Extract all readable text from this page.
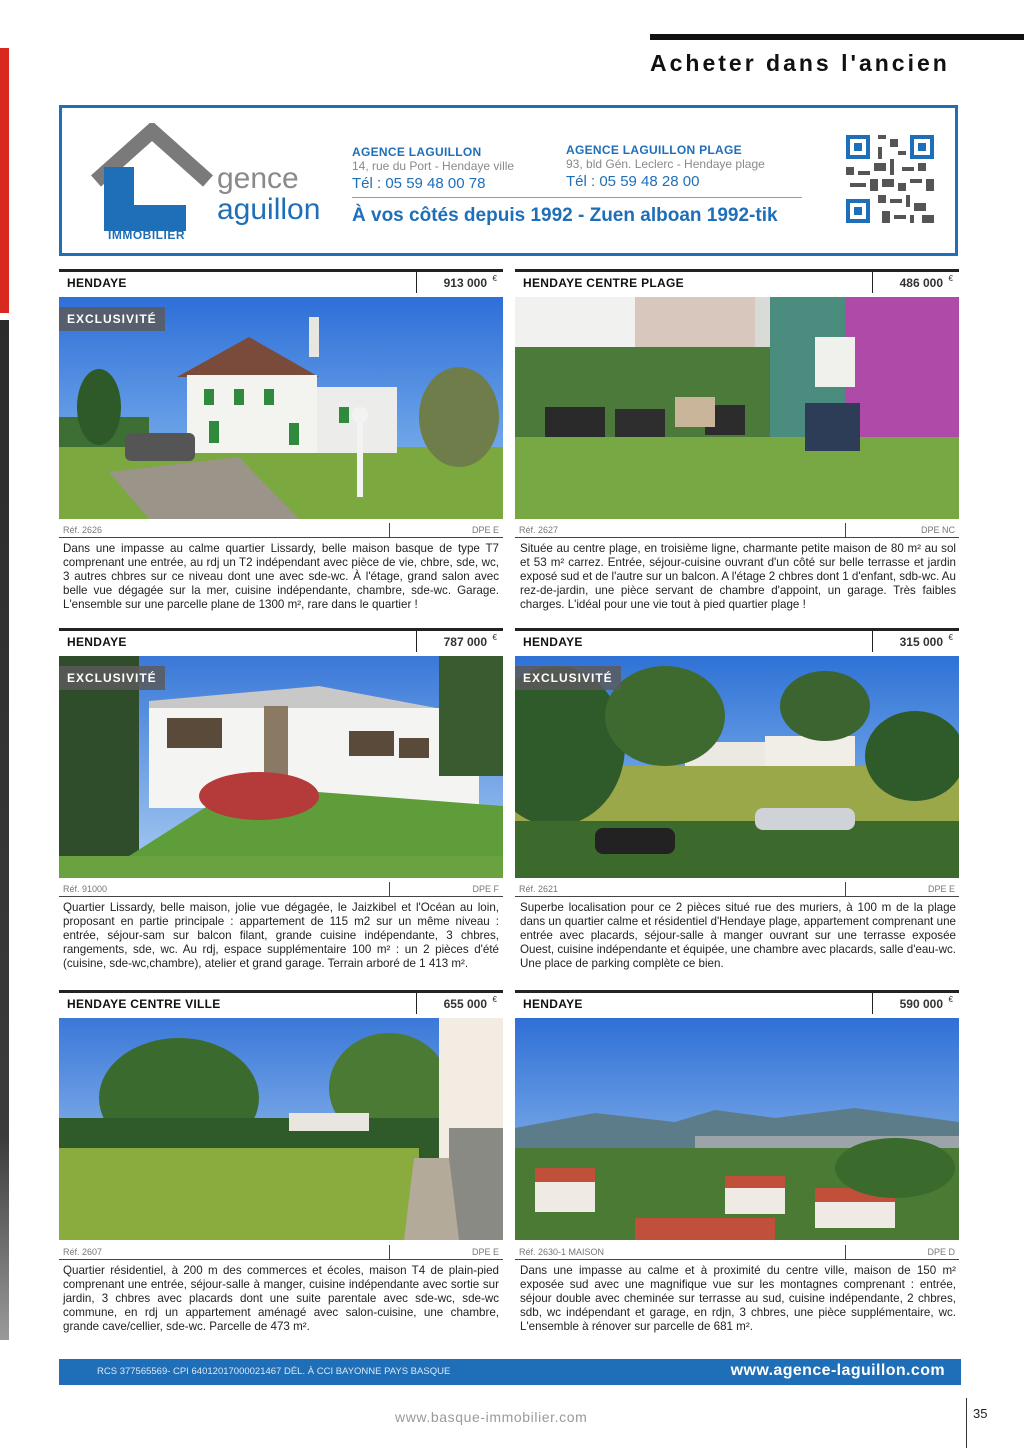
Acheter dans l'ancien
gence
aguillon
IMMOBILIER
AGENCE LAGUILLON
14, rue du Port - Hendaye ville
Tél : 05 59 48 00 78
AGENCE LAGUILLON PLAGE
93, bld Gén. Leclerc - Hendaye plage
Tél : 05 59 48 28 00
À vos côtés depuis 1992 - Zuen alboan 1992-tik
HENDAYE	913 000 €
EXCLUSIVITÉ
Réf. 2626	DPE E
Dans une impasse au calme quartier Lissardy, belle maison basque de type T7 comprenant une entrée, au rdj un T2 indépendant avec pièce de vie, chbre, sde, wc, 3 autres chbres sur ce niveau dont une avec sde-wc. À l'étage, grand salon avec belle vue dégagée sur la mer, cuisine indépendante, chambre, sde-wc. Garage. L'ensemble sur une parcelle plane de 1300 m², rare dans le quartier !
HENDAYE CENTRE PLAGE	486 000 €
Réf. 2627	DPE NC
Située au centre plage, en troisième ligne, charmante petite maison de 80 m² au sol et 53 m² carrez. Entrée, séjour-cuisine ouvrant d'un côté sur belle terrasse et jardin exposé sud et de l'autre sur un balcon. A l'étage 2 chbres dont 1 d'enfant, sdb-wc. Au rez-de-jardin, une pièce servant de chambre d'appoint, un garage. Très faibles charges. L'idéal pour une vie tout à pied quartier plage !
HENDAYE	787 000 €
EXCLUSIVITÉ
Réf. 91000	DPE F
Quartier Lissardy, belle maison, jolie vue dégagée, le Jaizkibel et l'Océan au loin, proposant en partie principale : appartement de 115 m2 sur un même niveau : entrée, séjour-sam sur balcon filant, grande cuisine indépendante, 3 chbres, rangements, sde, wc. Au rdj, espace supplémentaire 100 m² : un 2 pièces d'été (cuisine, sde-wc,chambre), atelier et grand garage. Terrain arboré de 1 413 m².
HENDAYE	315 000 €
EXCLUSIVITÉ
Réf. 2621	DPE E
Superbe localisation pour ce 2 pièces situé rue des muriers, à 100 m de la plage dans un quartier calme et résidentiel d'Hendaye plage, appartement comprenant une entrée avec placards, séjour-salle à manger ouvrant sur une terrasse exposée Ouest, cuisine indépendante et équipée, une chambre avec placards, salle d'eau-wc. Une place de parking complète ce bien.
HENDAYE CENTRE VILLE	655 000 €
Réf. 2607	DPE E
Quartier résidentiel, à 200 m des commerces et écoles, maison T4 de plain-pied comprenant une entrée, séjour-salle à manger, cuisine indépendante avec sortie sur jardin, 3 chbres avec placards dont une suite parentale avec sde-wc, sde-wc commune, en rdj un appartement aménagé avec salon-cuisine, une chambre, grande cave/cellier, sde-wc. Parcelle de 473 m².
HENDAYE	590 000 €
Réf. 2630-1 MAISON	DPE D
Dans une impasse au calme et à proximité du centre ville, maison de 150 m² exposée sud avec une magnifique vue sur les montagnes comprenant : entrée, séjour double avec cheminée sur terrasse au sud, cuisine indépendante, 2 chbres, sdb, wc indépendant et garage, en rdjn, 3 chbres, une pièce supplémentaire, wc. L'ensemble à rénover sur parcelle de 681 m².
RCS 377565569- CPI 64012017000021467 DÉL. À CCI BAYONNE PAYS BASQUE	www.agence-laguillon.com
www.basque-immobilier.com	35
